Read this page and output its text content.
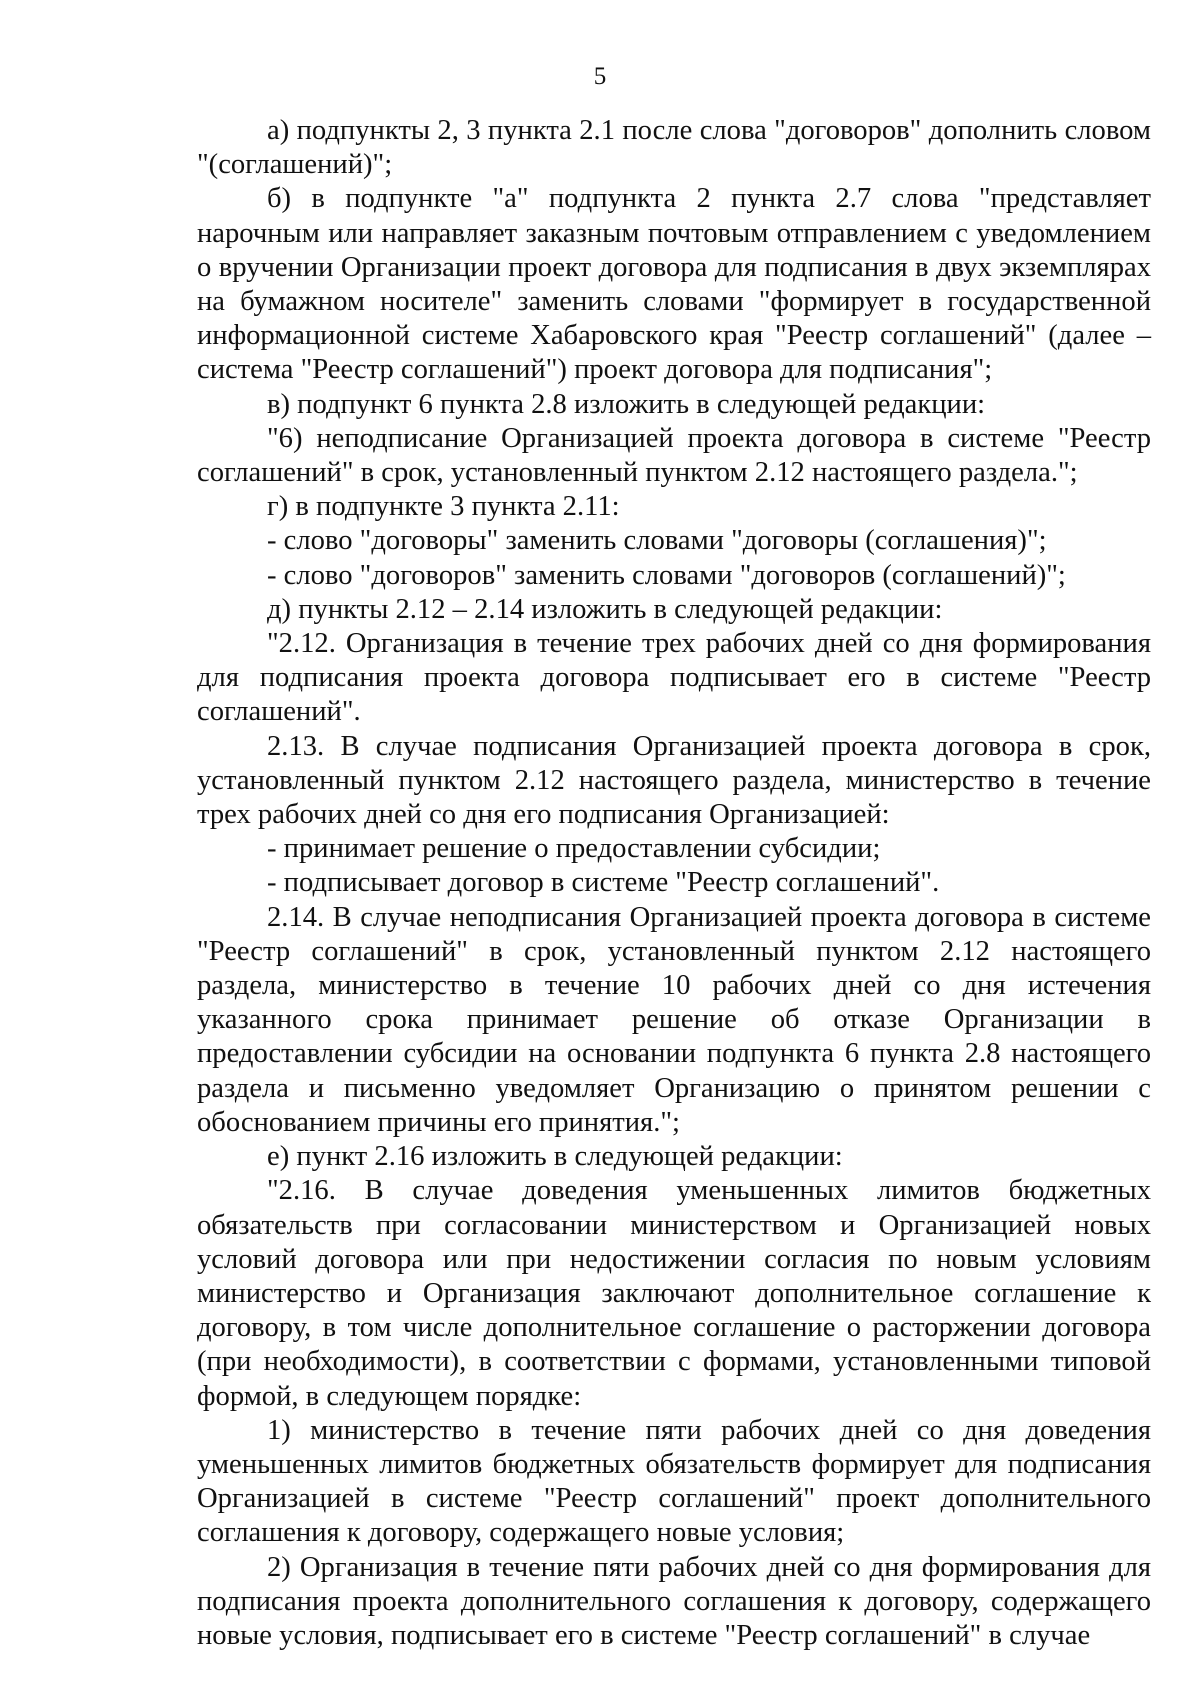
5

а) подпункты 2, 3 пункта 2.1 после слова "договоров" дополнить словом "(соглашений)";

б) в подпункте "а" подпункта 2 пункта 2.7 слова "представляет нарочным или направляет заказным почтовым отправлением с уведомлением о вручении Организации проект договора для подписания в двух экземплярах на бумажном носителе" заменить словами "формирует в государственной информационной системе Хабаровского края "Реестр соглашений" (далее – система "Реестр соглашений") проект договора для подписания";

в) подпункт 6 пункта 2.8 изложить в следующей редакции:

"6) неподписание Организацией проекта договора в системе "Реестр соглашений" в срок, установленный пунктом 2.12 настоящего раздела.";

г) в подпункте 3 пункта 2.11:

- слово "договоры" заменить словами "договоры (соглашения)";

- слово "договоров" заменить словами "договоров (соглашений)";

д) пункты 2.12 – 2.14 изложить в следующей редакции:

"2.12. Организация в течение трех рабочих дней со дня формирования для подписания проекта договора подписывает его в системе "Реестр соглашений".

2.13. В случае подписания Организацией проекта договора в срок, установленный пунктом 2.12 настоящего раздела, министерство в течение трех рабочих дней со дня его подписания Организацией:

- принимает решение о предоставлении субсидии;

- подписывает договор в системе "Реестр соглашений".

2.14. В случае неподписания Организацией проекта договора в системе "Реестр соглашений" в срок, установленный пунктом 2.12 настоящего раздела, министерство в течение 10 рабочих дней со дня истечения указанного срока принимает решение об отказе Организации в предоставлении субсидии на основании подпункта 6 пункта 2.8 настоящего раздела и письменно уведомляет Организацию о принятом решении с обоснованием причины его принятия.";

е) пункт 2.16 изложить в следующей редакции:

"2.16. В случае доведения уменьшенных лимитов бюджетных обязательств при согласовании министерством и Организацией новых условий договора или при недостижении согласия по новым условиям министерство и Организация заключают дополнительное соглашение к договору, в том числе дополнительное соглашение о расторжении договора (при необходимости), в соответствии с формами, установленными типовой формой, в следующем порядке:

1) министерство в течение пяти рабочих дней со дня доведения уменьшенных лимитов бюджетных обязательств формирует для подписания Организацией в системе "Реестр соглашений" проект дополнительного соглашения к договору, содержащего новые условия;

2) Организация в течение пяти рабочих дней со дня формирования для подписания проекта дополнительного соглашения к договору, содержащего новые условия, подписывает его в системе "Реестр соглашений" в случае
